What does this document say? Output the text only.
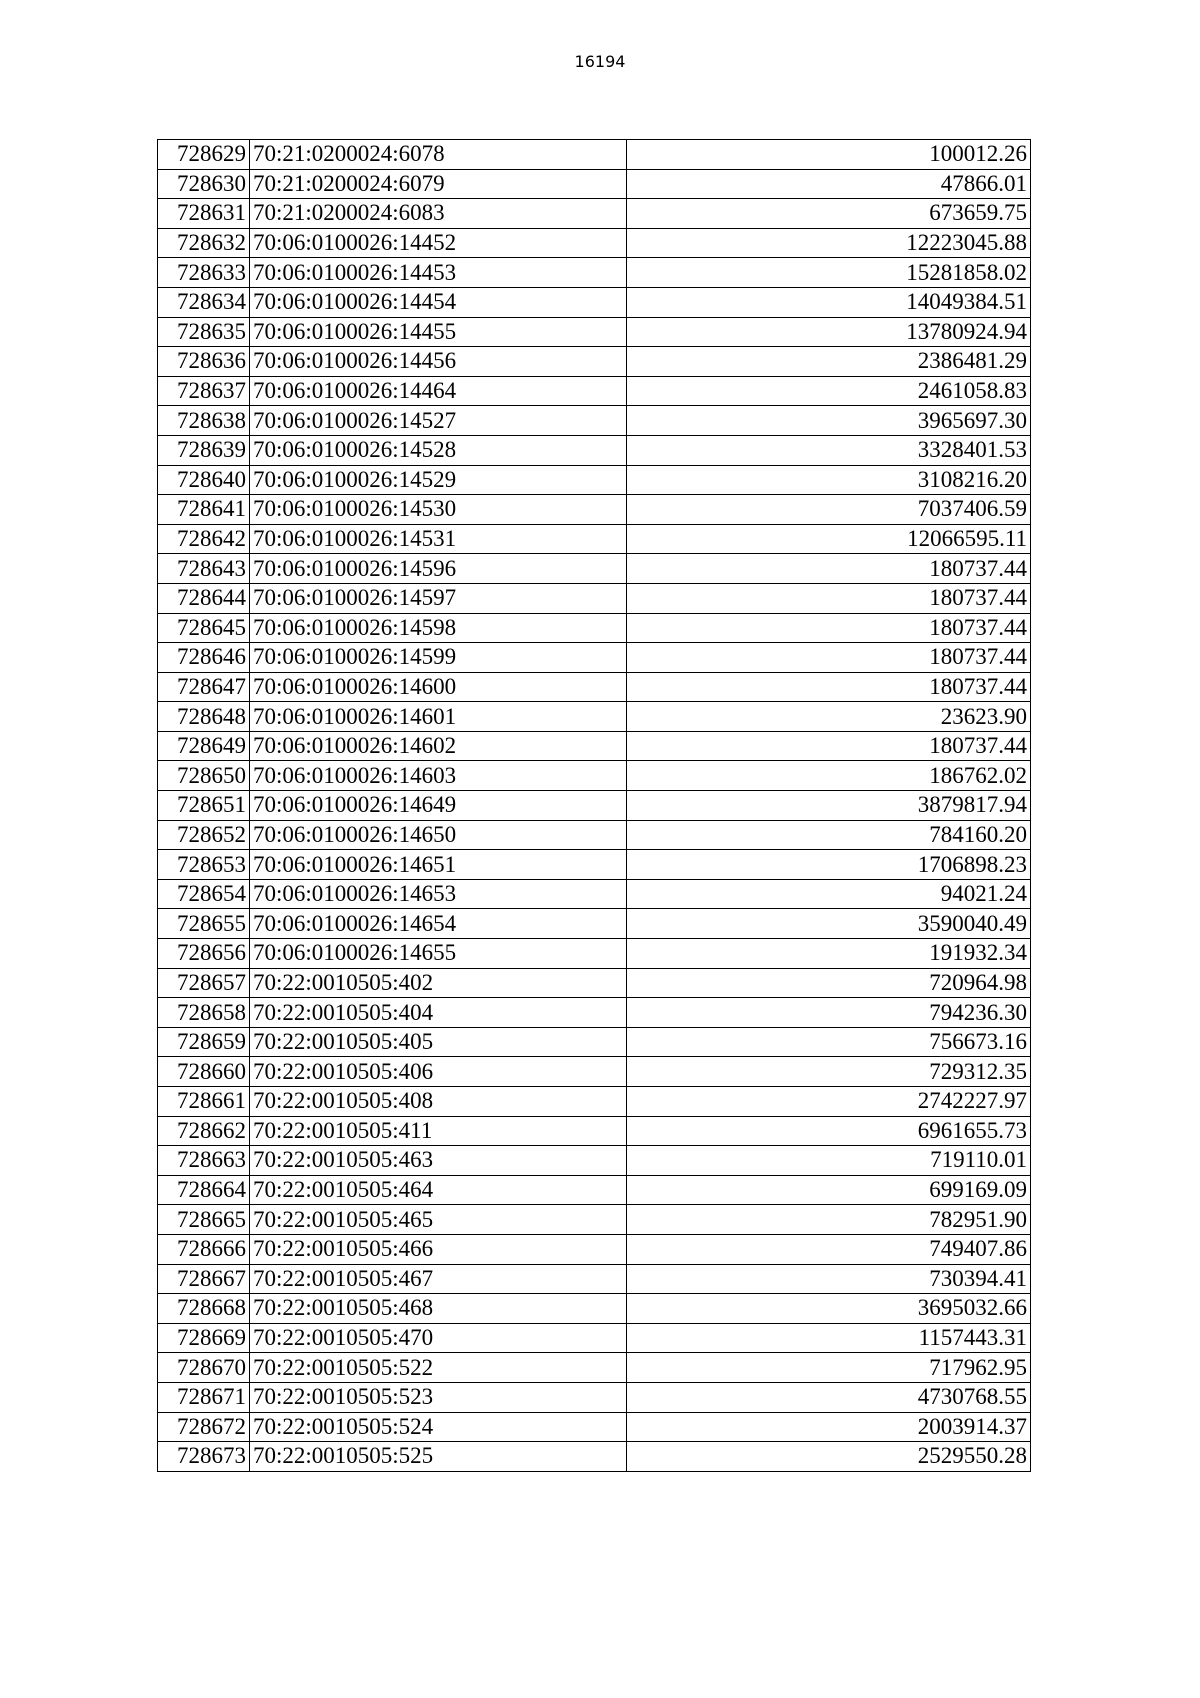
16194
728629	70:21:0200024:6078	100012.26
728630	70:21:0200024:6079	47866.01
728631	70:21:0200024:6083	673659.75
728632	70:06:0100026:14452	12223045.88
728633	70:06:0100026:14453	15281858.02
728634	70:06:0100026:14454	14049384.51
728635	70:06:0100026:14455	13780924.94
728636	70:06:0100026:14456	2386481.29
728637	70:06:0100026:14464	2461058.83
728638	70:06:0100026:14527	3965697.30
728639	70:06:0100026:14528	3328401.53
728640	70:06:0100026:14529	3108216.20
728641	70:06:0100026:14530	7037406.59
728642	70:06:0100026:14531	12066595.11
728643	70:06:0100026:14596	180737.44
728644	70:06:0100026:14597	180737.44
728645	70:06:0100026:14598	180737.44
728646	70:06:0100026:14599	180737.44
728647	70:06:0100026:14600	180737.44
728648	70:06:0100026:14601	23623.90
728649	70:06:0100026:14602	180737.44
728650	70:06:0100026:14603	186762.02
728651	70:06:0100026:14649	3879817.94
728652	70:06:0100026:14650	784160.20
728653	70:06:0100026:14651	1706898.23
728654	70:06:0100026:14653	94021.24
728655	70:06:0100026:14654	3590040.49
728656	70:06:0100026:14655	191932.34
728657	70:22:0010505:402	720964.98
728658	70:22:0010505:404	794236.30
728659	70:22:0010505:405	756673.16
728660	70:22:0010505:406	729312.35
728661	70:22:0010505:408	2742227.97
728662	70:22:0010505:411	6961655.73
728663	70:22:0010505:463	719110.01
728664	70:22:0010505:464	699169.09
728665	70:22:0010505:465	782951.90
728666	70:22:0010505:466	749407.86
728667	70:22:0010505:467	730394.41
728668	70:22:0010505:468	3695032.66
728669	70:22:0010505:470	1157443.31
728670	70:22:0010505:522	717962.95
728671	70:22:0010505:523	4730768.55
728672	70:22:0010505:524	2003914.37
728673	70:22:0010505:525	2529550.28
